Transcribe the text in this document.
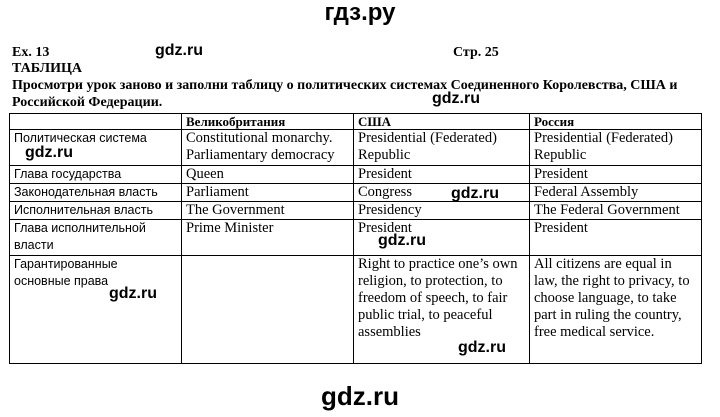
гдз.ру
Ex. 13	Стр. 25
ТАБЛИЦА
Просмотри урок заново и заполни таблицу о политических системах Соединенного Королевства, США и Российской Федерации.
	Великобритания	США	Россия
Политическая система	Constitutional monarchy. Parliamentary democracy	Presidential (Federated) Republic	Presidential (Federated) Republic
Глава государства	Queen	President	President
Законодательная власть	Parliament	Congress	Federal Assembly
Исполнительная власть	The Government	Presidency	The Federal Government
Глава исполнительной власти	Prime Minister	President	President
Гарантированные основные права		Right to practice one’s own religion, to protection, to freedom of speech, to fair public trial, to peaceful assemblies	All citizens are equal in law, the right to privacy, to choose language, to take part in ruling the country, free medical service.
gdz.ru
gdz.ru
gdz.ru
gdz.ru
gdz.ru
gdz.ru
gdz.ru
gdz.ru
